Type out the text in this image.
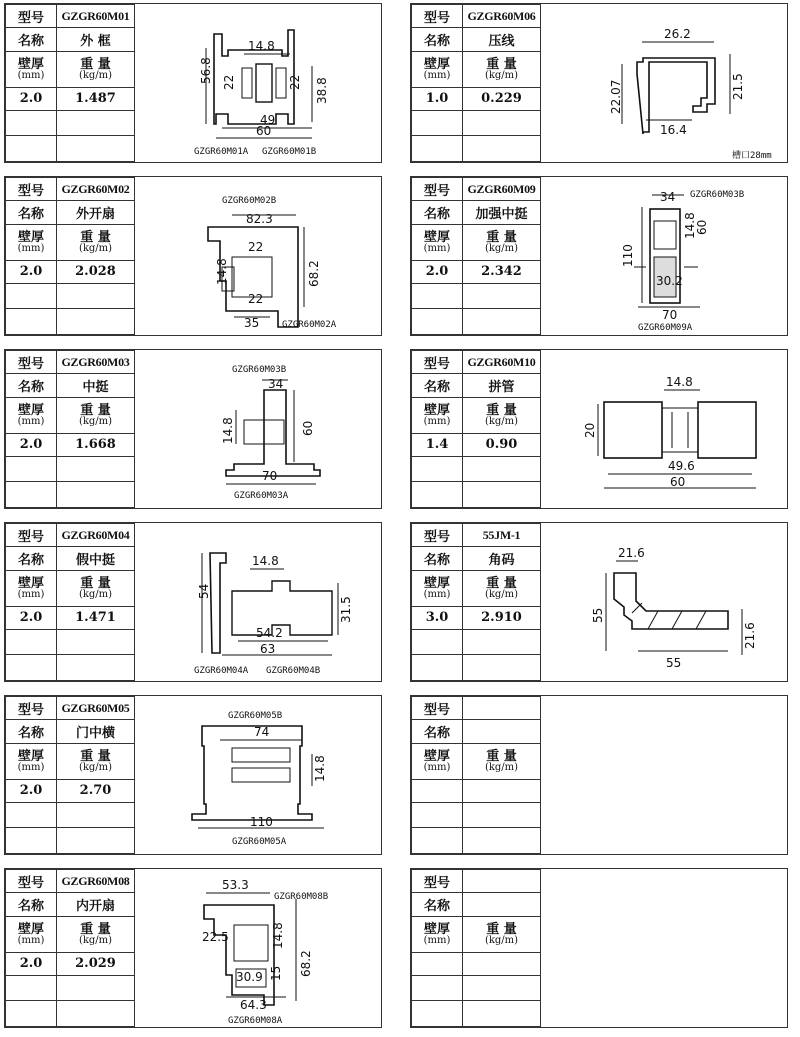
型号	GZGR60M01
名称	外 框

壁厚
(mm)	重 量
(kg/m)

2.0	1.487

14.8
56.8 22	22 38.8
49
60
GZGR60M01A GZGR60M01B
型号	GZGR60M06
名称	压线

壁厚
(mm)	重 量
(kg/m)

1.0	0.229

26.2
22.07	21.5
16.4
槽口28mm
型号	GZGR60M02
名称	外开扇

壁厚
(mm)	重 量
(kg/m)

2.0	2.028

GZGR60M02B
82.3
22
14.8	68.2
22
35	GZGR60M02A
型号	GZGR60M09
名称	加强中挺

壁厚
(mm)	重 量
(kg/m)

2.0	2.342

34
14.8
60
110
30.2
70
GZGR60M03B
GZGR60M09A
型号	GZGR60M03
名称	中挺

壁厚
(mm)	重 量
(kg/m)

2.0	1.668

GZGR60M03B
34
14.8	60
70
GZGR60M03A
型号	GZGR60M10
名称	拼管

壁厚
(mm)	重 量
(kg/m)

1.4	0.90

14.8
20
49.6
60
型号	GZGR60M04
名称	假中挺

壁厚
(mm)	重 量
(kg/m)

2.0	1.471

14.8
54
31.5
54.2
63
GZGR60M04A GZGR60M04B
型号	55JM-1
名称	角码

壁厚
(mm)	重 量
(kg/m)

3.0	2.910

21.6
55
21.6
55
型号	GZGR60M05
名称	门中横

壁厚
(mm)	重 量
(kg/m)

2.0	2.70

GZGR60M05B
74
14.8
110
GZGR60M05A
型号	
名称	

壁厚
(mm)	重 量
(kg/m)

型号	GZGR60M08
名称	内开扇

壁厚
(mm)	重 量
(kg/m)

2.0	2.029

53.3
22.5	14.8
68.2
30.9 15
64.3
GZGR60M08B
GZGR60M08A
型号	
名称	

壁厚
(mm)	重 量
(kg/m)
